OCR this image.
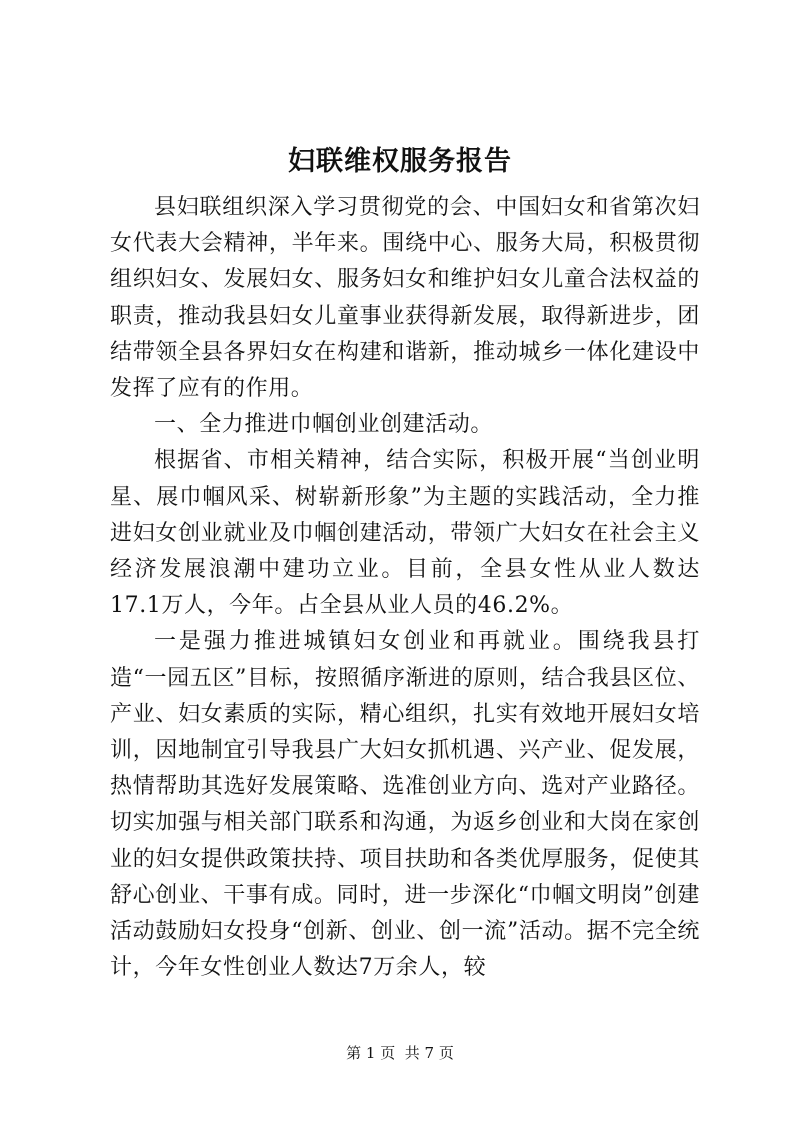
妇联维权服务报告

县妇联组织深入学习贯彻党的会、中国妇女和省第次妇女代表大会精神，半年来。围绕中心、服务大局，积极贯彻组织妇女、发展妇女、服务妇女和维护妇女儿童合法权益的职责，推动我县妇女儿童事业获得新发展，取得新进步，团结带领全县各界妇女在构建和谐新，推动城乡一体化建设中发挥了应有的作用。

一、全力推进巾帼创业创建活动。

根据省、市相关精神，结合实际，积极开展“当创业明星、展巾帼风采、树崭新形象”为主题的实践活动，全力推进妇女创业就业及巾帼创建活动，带领广大妇女在社会主义经济发展浪潮中建功立业。目前，全县女性从业人数达17.1万人，今年。占全县从业人员的46.2%。

一是强力推进城镇妇女创业和再就业。围绕我县打造“一园五区”目标，按照循序渐进的原则，结合我县区位、产业、妇女素质的实际，精心组织，扎实有效地开展妇女培训，因地制宜引导我县广大妇女抓机遇、兴产业、促发展，热情帮助其选好发展策略、选准创业方向、选对产业路径。切实加强与相关部门联系和沟通，为返乡创业和大岗在家创业的妇女提供政策扶持、项目扶助和各类优厚服务，促使其舒心创业、干事有成。同时，进一步深化“巾帼文明岗”创建活动鼓励妇女投身“创新、创业、创一流”活动。据不完全统计，今年女性创业人数达7万余人，较

第 1 页  共 7 页
